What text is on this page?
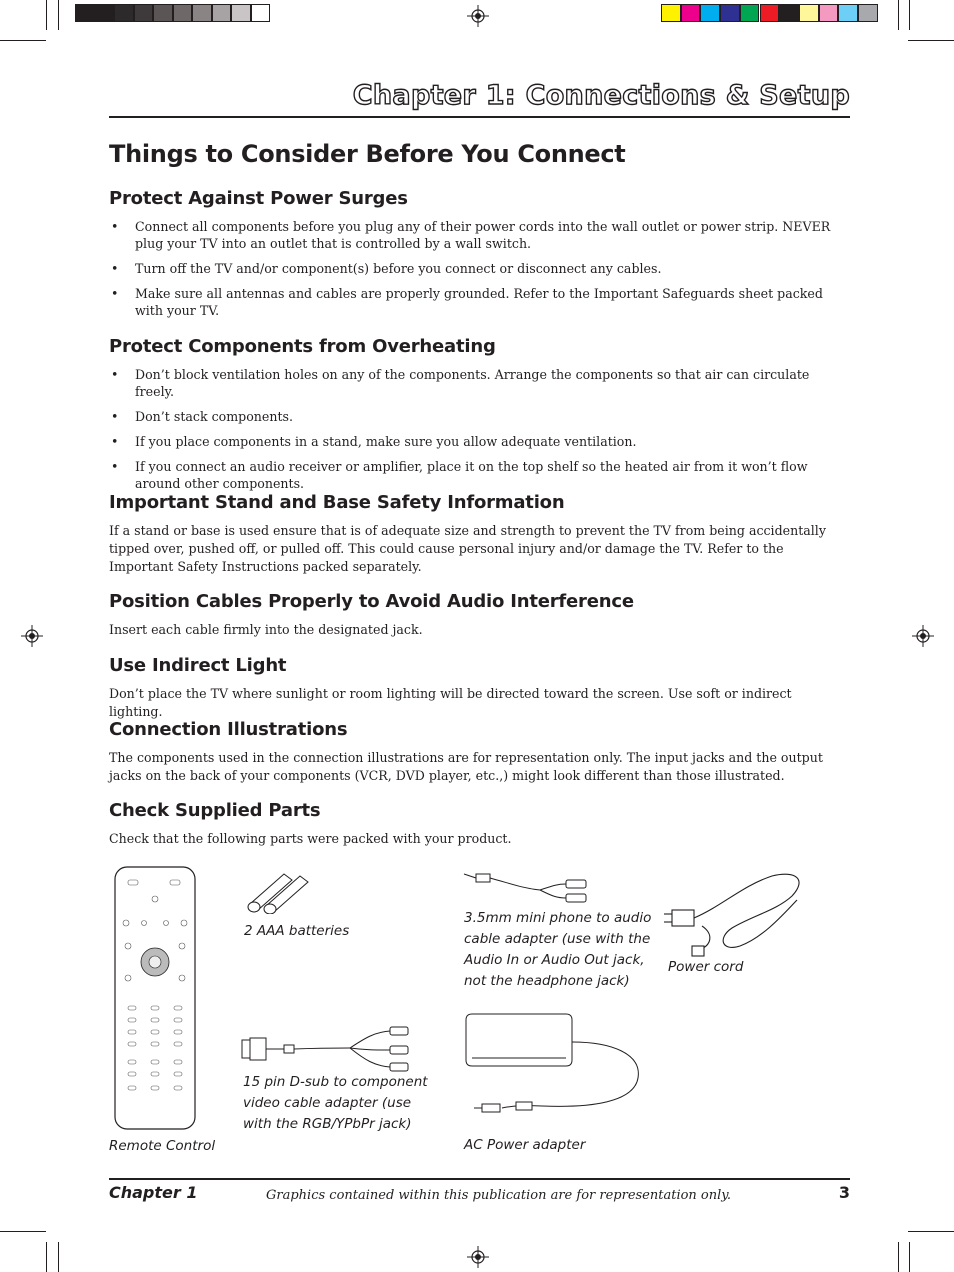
Chapter 1: Connections & Setup
Things to Consider Before You Connect
Protect Against Power Surges
• Connect all components before you plug any of their power cords into the wall outlet or power strip. NEVER plug your TV into an outlet that is controlled by a wall switch.
• Turn off the TV and/or component(s) before you connect or disconnect any cables.
• Make sure all antennas and cables are properly grounded. Refer to the Important Safeguards sheet packed with your TV.
Protect Components from Overheating
• Don’t block ventilation holes on any of the components. Arrange the components so that air can circulate freely.
• Don’t stack components.
• If you place components in a stand, make sure you allow adequate ventilation.
• If you connect an audio receiver or amplifier, place it on the top shelf so the heated air from it won’t flow around other components.
Important Stand and Base Safety Information
If a stand or base is used ensure that is of adequate size and strength to prevent the TV from being accidentally tipped over, pushed off, or pulled off. This could cause personal injury and/or damage the TV. Refer to the Important Safety Instructions packed separately.
Position Cables Properly to Avoid Audio Interference
Insert each cable firmly into the designated jack.
Use Indirect Light
Don’t place the TV where sunlight or room lighting will be directed toward the screen. Use soft or indirect lighting.
Connection Illustrations
The components used in the connection illustrations are for representation only. The input jacks and the output jacks on the back of your components (VCR, DVD player, etc.,) might look different than those illustrated.
Check Supplied Parts
Check that the following parts were packed with your product.
Remote Control
2 AAA batteries
3.5mm mini phone to audio cable adapter (use with the Audio In or Audio Out jack, not the headphone jack)
Power cord
15 pin D-sub to component video cable adapter (use with the RGB/YPbPr jack)
AC Power adapter
Chapter 1	Graphics contained within this publication are for representation only.	3
